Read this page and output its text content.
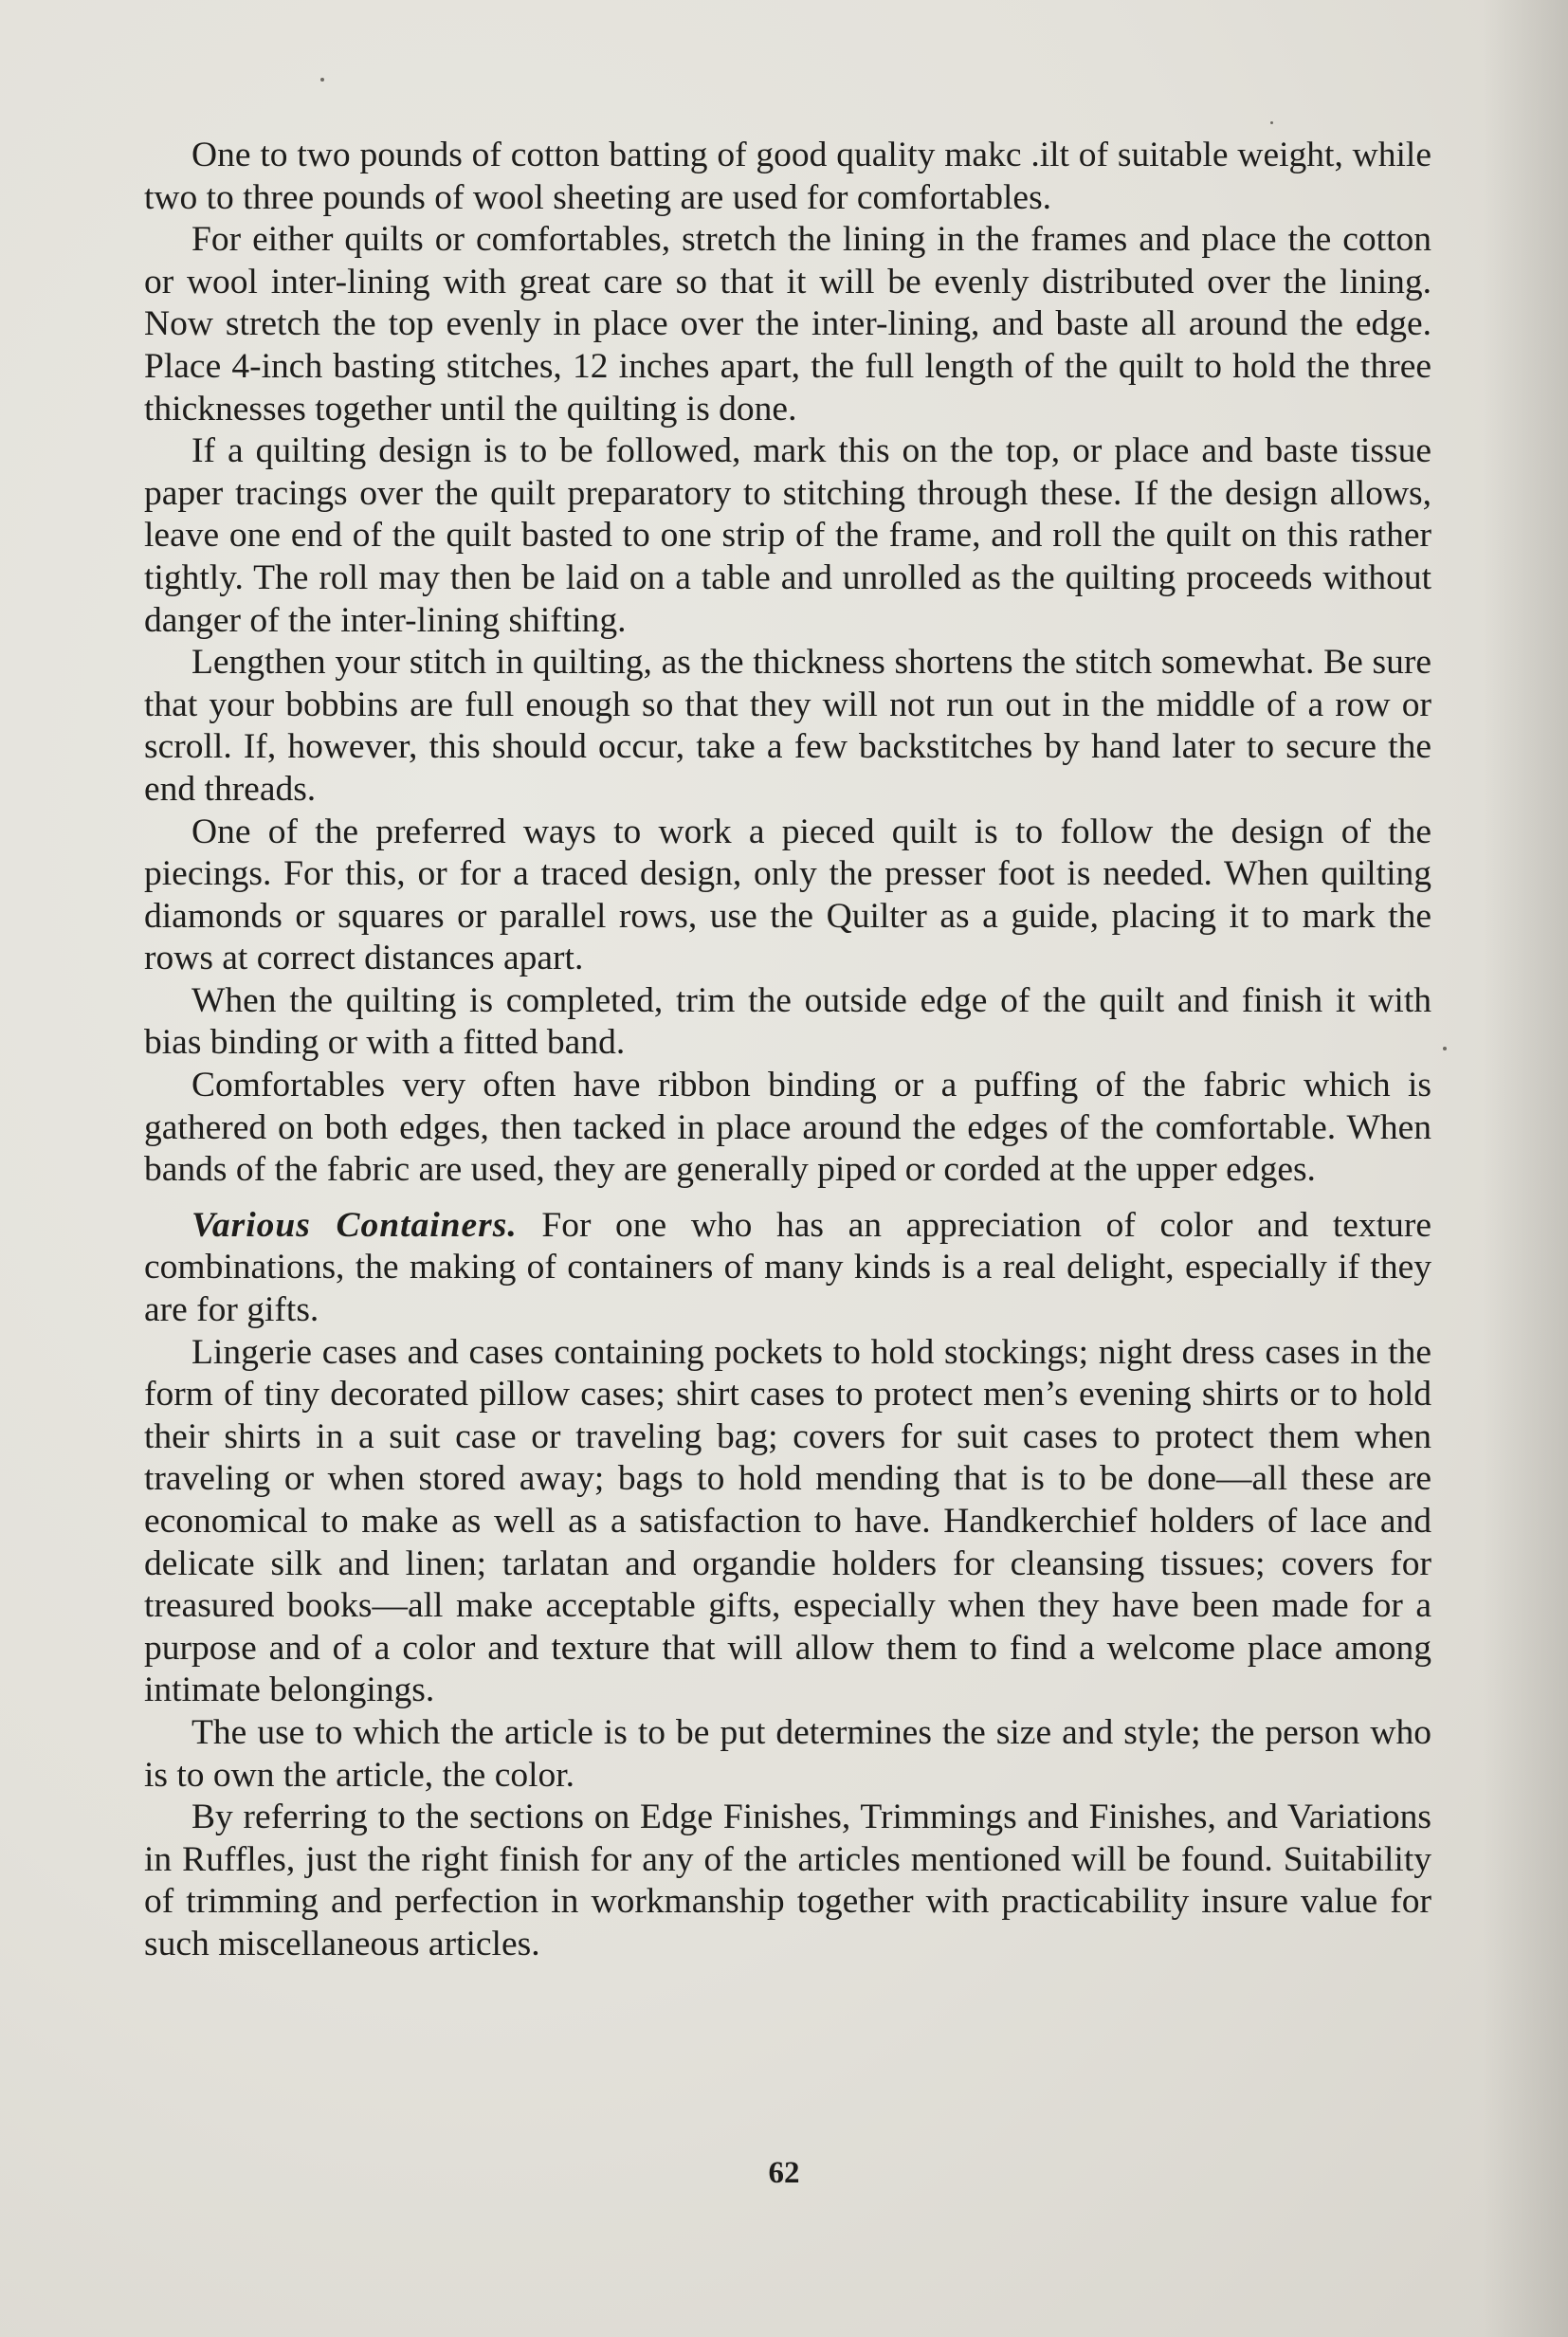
One to two pounds of cotton batting of good quality makc .ilt of suitable weight, while two to three pounds of wool sheeting are used for comfortables.

For either quilts or comfortables, stretch the lining in the frames and place the cotton or wool inter-lining with great care so that it will be evenly distributed over the lining. Now stretch the top evenly in place over the inter-lining, and baste all around the edge. Place 4-inch basting stitches, 12 inches apart, the full length of the quilt to hold the three thicknesses together until the quilting is done.

If a quilting design is to be followed, mark this on the top, or place and baste tissue paper tracings over the quilt preparatory to stitching through these. If the design allows, leave one end of the quilt basted to one strip of the frame, and roll the quilt on this rather tightly. The roll may then be laid on a table and unrolled as the quilting proceeds without danger of the inter-lining shifting.

Lengthen your stitch in quilting, as the thickness shortens the stitch somewhat. Be sure that your bobbins are full enough so that they will not run out in the middle of a row or scroll. If, however, this should occur, take a few backstitches by hand later to secure the end threads.

One of the preferred ways to work a pieced quilt is to follow the design of the piecings. For this, or for a traced design, only the presser foot is needed. When quilting diamonds or squares or parallel rows, use the Quilter as a guide, placing it to mark the rows at correct distances apart.

When the quilting is completed, trim the outside edge of the quilt and finish it with bias binding or with a fitted band.

Comfortables very often have ribbon binding or a puffing of the fabric which is gathered on both edges, then tacked in place around the edges of the comfortable. When bands of the fabric are used, they are generally piped or corded at the upper edges.

Various Containers. For one who has an appreciation of color and texture combinations, the making of containers of many kinds is a real delight, especially if they are for gifts.

Lingerie cases and cases containing pockets to hold stockings; night dress cases in the form of tiny decorated pillow cases; shirt cases to protect men’s evening shirts or to hold their shirts in a suit case or traveling bag; covers for suit cases to protect them when traveling or when stored away; bags to hold mending that is to be done—all these are economical to make as well as a satisfaction to have. Handkerchief holders of lace and delicate silk and linen; tarlatan and organdie holders for cleansing tissues; covers for treasured books—all make acceptable gifts, especially when they have been made for a purpose and of a color and texture that will allow them to find a welcome place among intimate belongings.

The use to which the article is to be put determines the size and style; the person who is to own the article, the color.

By referring to the sections on Edge Finishes, Trimmings and Finishes, and Variations in Ruffles, just the right finish for any of the articles mentioned will be found. Suitability of trimming and perfection in workmanship together with practicability insure value for such miscellaneous articles.

62
